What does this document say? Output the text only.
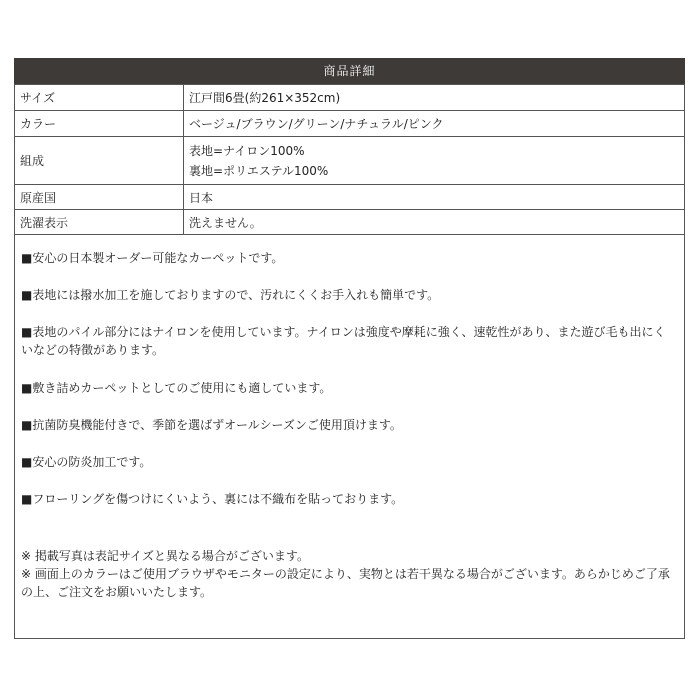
商品詳細
サイズ	江戸間6畳(約261×352cm)
カラー	ベージュ/ブラウン/グリーン/ナチュラル/ピンク
組成	表地=ナイロン100%
裏地=ポリエステル100%

原産国	日本
洗濯表示	洗えません。
■安心の日本製オーダー可能なカーペットです。
■表地には撥水加工を施しておりますので、汚れにくくお手入れも簡単です。
■表地のパイル部分にはナイロンを使用しています。ナイロンは強度や摩耗に強く、速乾性があり、また遊び毛も出にくいなどの特徴があります。
■敷き詰めカーペットとしてのご使用にも適しています。
■抗菌防臭機能付きで、季節を選ばずオールシーズンご使用頂けます。
■安心の防炎加工です。
■フローリングを傷つけにくいよう、裏には不織布を貼っております。
※ 掲載写真は表記サイズと異なる場合がございます。
※ 画面上のカラーはご使用ブラウザやモニターの設定により、実物とは若干異なる場合がございます。あらかじめご了承の上、ご注文をお願いいたします。
